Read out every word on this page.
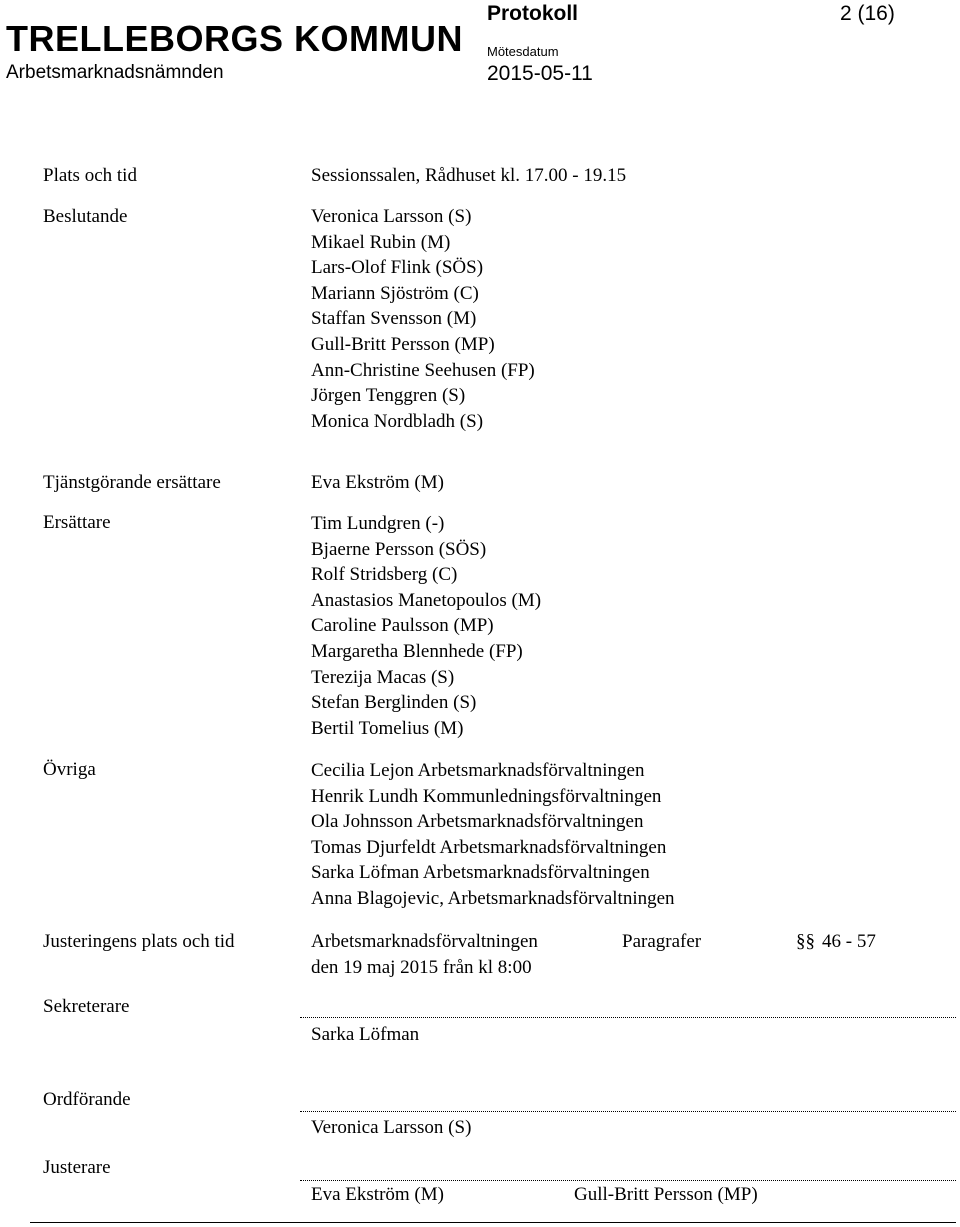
TRELLEBORGS KOMMUN
Arbetsmarknadsnämnden
Protokoll	2 (16)
Mötesdatum
2015-05-11
Plats och tid	Sessionssalen, Rådhuset kl. 17.00 - 19.15
Beslutande	Veronica Larsson (S)
Mikael Rubin (M)
Lars-Olof Flink (SÖS)
Mariann Sjöström (C)
Staffan Svensson (M)
Gull-Britt Persson (MP)
Ann-Christine Seehusen (FP)
Jörgen Tenggren (S)
Monica Nordbladh (S)
Tjänstgörande ersättare	Eva Ekström (M)
Ersättare	Tim Lundgren (-)
Bjaerne Persson (SÖS)
Rolf Stridsberg (C)
Anastasios Manetopoulos (M)
Caroline Paulsson (MP)
Margaretha Blennhede (FP)
Terezija Macas (S)
Stefan Berglinden (S)
Bertil Tomelius (M)
Övriga	Cecilia Lejon Arbetsmarknadsförvaltningen
Henrik Lundh Kommunledningsförvaltningen
Ola Johnsson Arbetsmarknadsförvaltningen
Tomas Djurfeldt Arbetsmarknadsförvaltningen
Sarka Löfman Arbetsmarknadsförvaltningen
Anna Blagojevic, Arbetsmarknadsförvaltningen
Justeringens plats och tid	Arbetsmarknadsförvaltningen
den 19 maj 2015 från kl 8:00
Paragrafer	§§ 46 - 57
Sekreterare
Sarka Löfman
Ordförande
Veronica Larsson (S)
Justerare
Eva Ekström (M)	Gull-Britt Persson (MP)
